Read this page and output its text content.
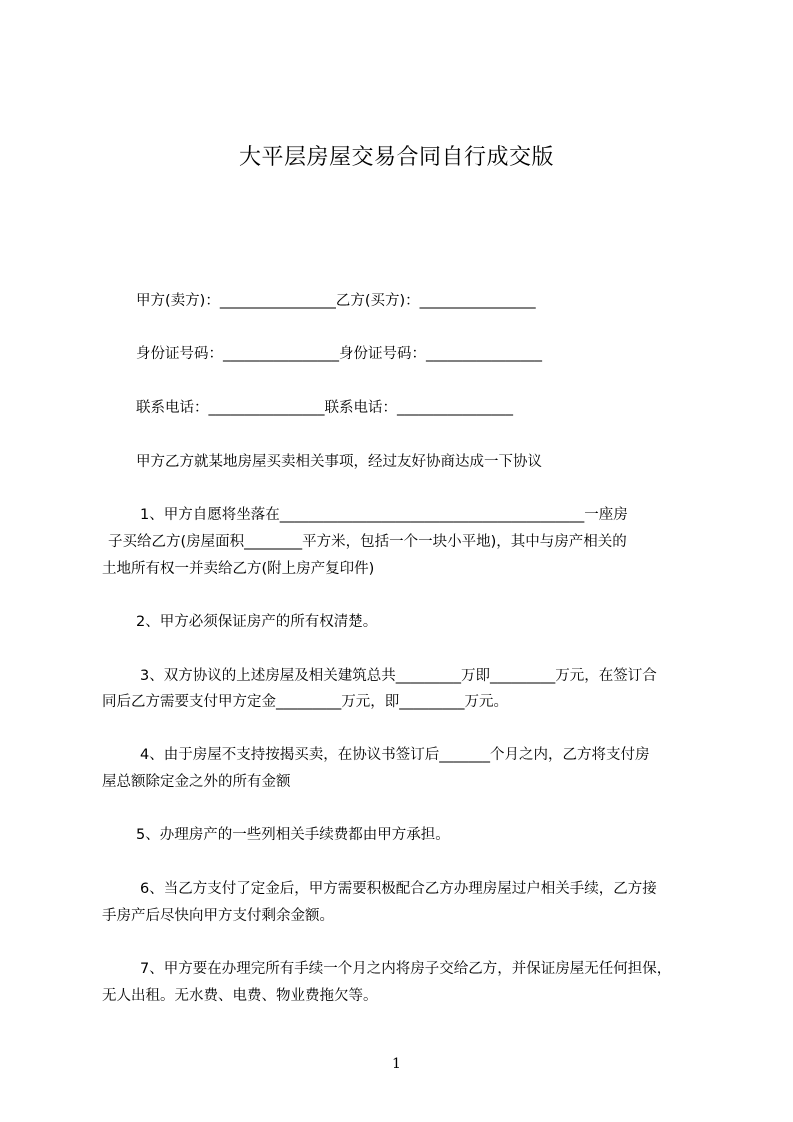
大平层房屋交易合同自行成交版
甲方(卖方)：________________乙方(买方)：________________
身份证号码：________________身份证号码：________________
联系电话：________________联系电话：________________
甲方乙方就某地房屋买卖相关事项，经过友好协商达成一下协议
1、甲方自愿将坐落在__________________________________________一座房
子买给乙方(房屋面积________平方米，包括一个一块小平地)，其中与房产相关的
土地所有权一并卖给乙方(附上房产复印件)
2、甲方必须保证房产的所有权清楚。
3、双方协议的上述房屋及相关建筑总共_________万即_________万元，在签订合
同后乙方需要支付甲方定金_________万元，即_________万元。
4、由于房屋不支持按揭买卖，在协议书签订后_______个月之内，乙方将支付房
屋总额除定金之外的所有金额
5、办理房产的一些列相关手续费都由甲方承担。
6、当乙方支付了定金后，甲方需要积极配合乙方办理房屋过户相关手续，乙方接
手房产后尽快向甲方支付剩余金额。
7、甲方要在办理完所有手续一个月之内将房子交给乙方，并保证房屋无任何担保，
无人出租。无水费、电费、物业费拖欠等。
1
